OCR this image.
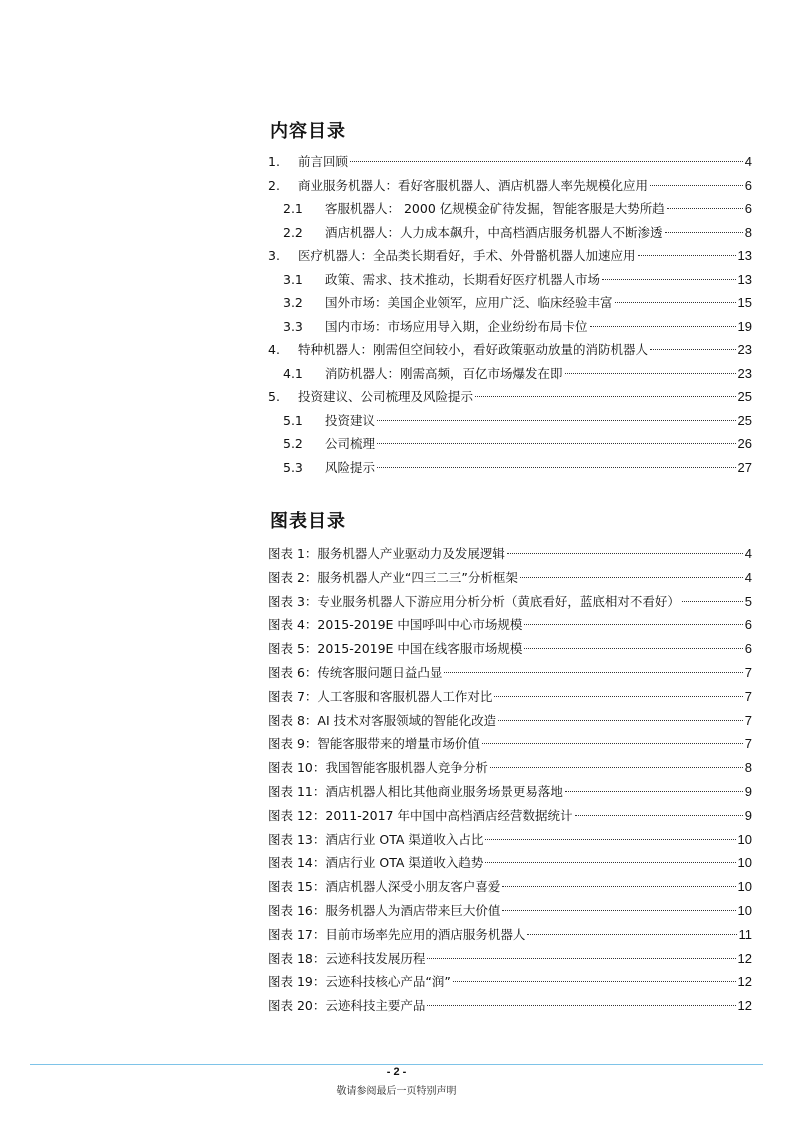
内容目录
1.	前言回顾	4
2.	商业服务机器人：看好客服机器人、酒店机器人率先规模化应用	6
2.1	客服机器人： 2000 亿规模金矿待发掘，智能客服是大势所趋	6
2.2	酒店机器人：人力成本飙升，中高档酒店服务机器人不断渗透	8
3.	医疗机器人：全品类长期看好，手术、外骨骼机器人加速应用	13
3.1	政策、需求、技术推动，长期看好医疗机器人市场	13
3.2	国外市场：美国企业领军，应用广泛、临床经验丰富	15
3.3	国内市场：市场应用导入期，企业纷纷布局卡位	19
4.	特种机器人：刚需但空间较小，看好政策驱动放量的消防机器人	23
4.1	消防机器人：刚需高频，百亿市场爆发在即	23
5.	投资建议、公司梳理及风险提示	25
5.1	投资建议	25
5.2	公司梳理	26
5.3	风险提示	27
图表目录
图表 1：服务机器人产业驱动力及发展逻辑	4
图表 2：服务机器人产业“四三二三”分析框架	4
图表 3：专业服务机器人下游应用分析分析（黄底看好，蓝底相对不看好）	5
图表 4：2015-2019E 中国呼叫中心市场规模	6
图表 5：2015-2019E 中国在线客服市场规模	6
图表 6：传统客服问题日益凸显	7
图表 7：人工客服和客服机器人工作对比	7
图表 8：AI 技术对客服领域的智能化改造	7
图表 9：智能客服带来的增量市场价值	7
图表 10：我国智能客服机器人竞争分析	8
图表 11：酒店机器人相比其他商业服务场景更易落地	9
图表 12：2011-2017 年中国中高档酒店经营数据统计	9
图表 13：酒店行业 OTA 渠道收入占比	10
图表 14：酒店行业 OTA 渠道收入趋势	10
图表 15：酒店机器人深受小朋友客户喜爱	10
图表 16：服务机器人为酒店带来巨大价值	10
图表 17：目前市场率先应用的酒店服务机器人	11
图表 18：云迹科技发展历程	12
图表 19：云迹科技核心产品“润”	12
图表 20：云迹科技主要产品	12
- 2 -
敬请参阅最后一页特别声明
